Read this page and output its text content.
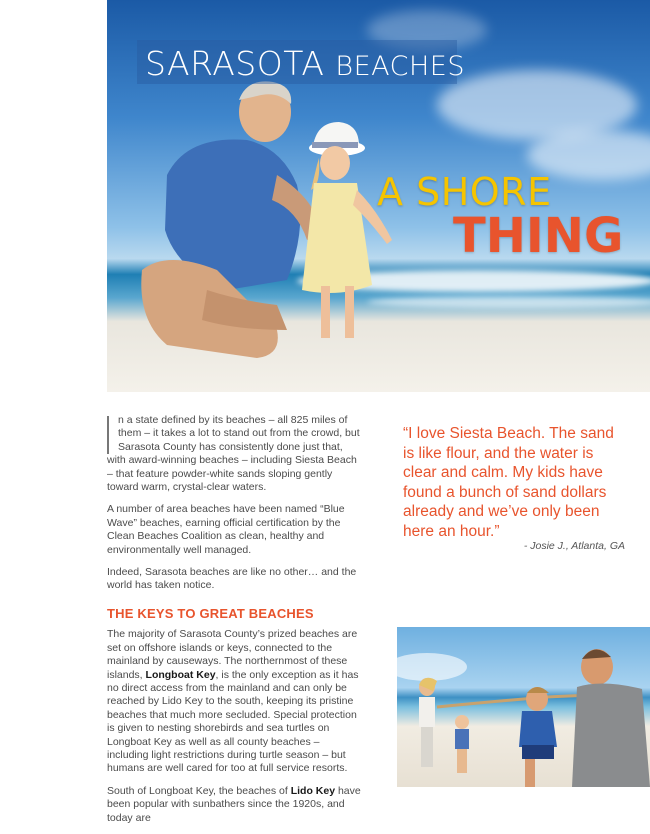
SARASOTA BEACHES
A SHORE
THING

n a state defined by its beaches – all 825 miles of them – it takes a lot to stand out from the crowd, but Sarasota County has consistently done just that, with award-winning beaches – including Siesta Beach – that feature powder-white sands sloping gently toward warm, crystal-clear waters.

A number of area beaches have been named “Blue Wave” beaches, earning official certification by the Clean Beaches Coalition as clean, healthy and environmentally well managed.

Indeed, Sarasota beaches are like no other… and the world has taken notice.

THE KEYS TO GREAT BEACHES

The majority of Sarasota County’s prized beaches are set on offshore islands or keys, connected to the mainland by causeways. The northernmost of these islands, Longboat Key, is the only exception as it has no direct access from the mainland and can only be reached by Lido Key to the south, keeping its pristine beaches that much more secluded. Special protection is given to nesting shorebirds and sea turtles on Longboat Key as well as all county beaches – including light restrictions during turtle season – but humans are well cared for too at full service resorts.

South of Longboat Key, the beaches of Lido Key have been popular with sunbathers since the 1920s, and today are

“I love Siesta Beach. The sand is like flour, and the water is clear and calm. My kids have found a bunch of sand dollars already and we’ve only been here an hour.”
- Josie J., Atlanta, GA
